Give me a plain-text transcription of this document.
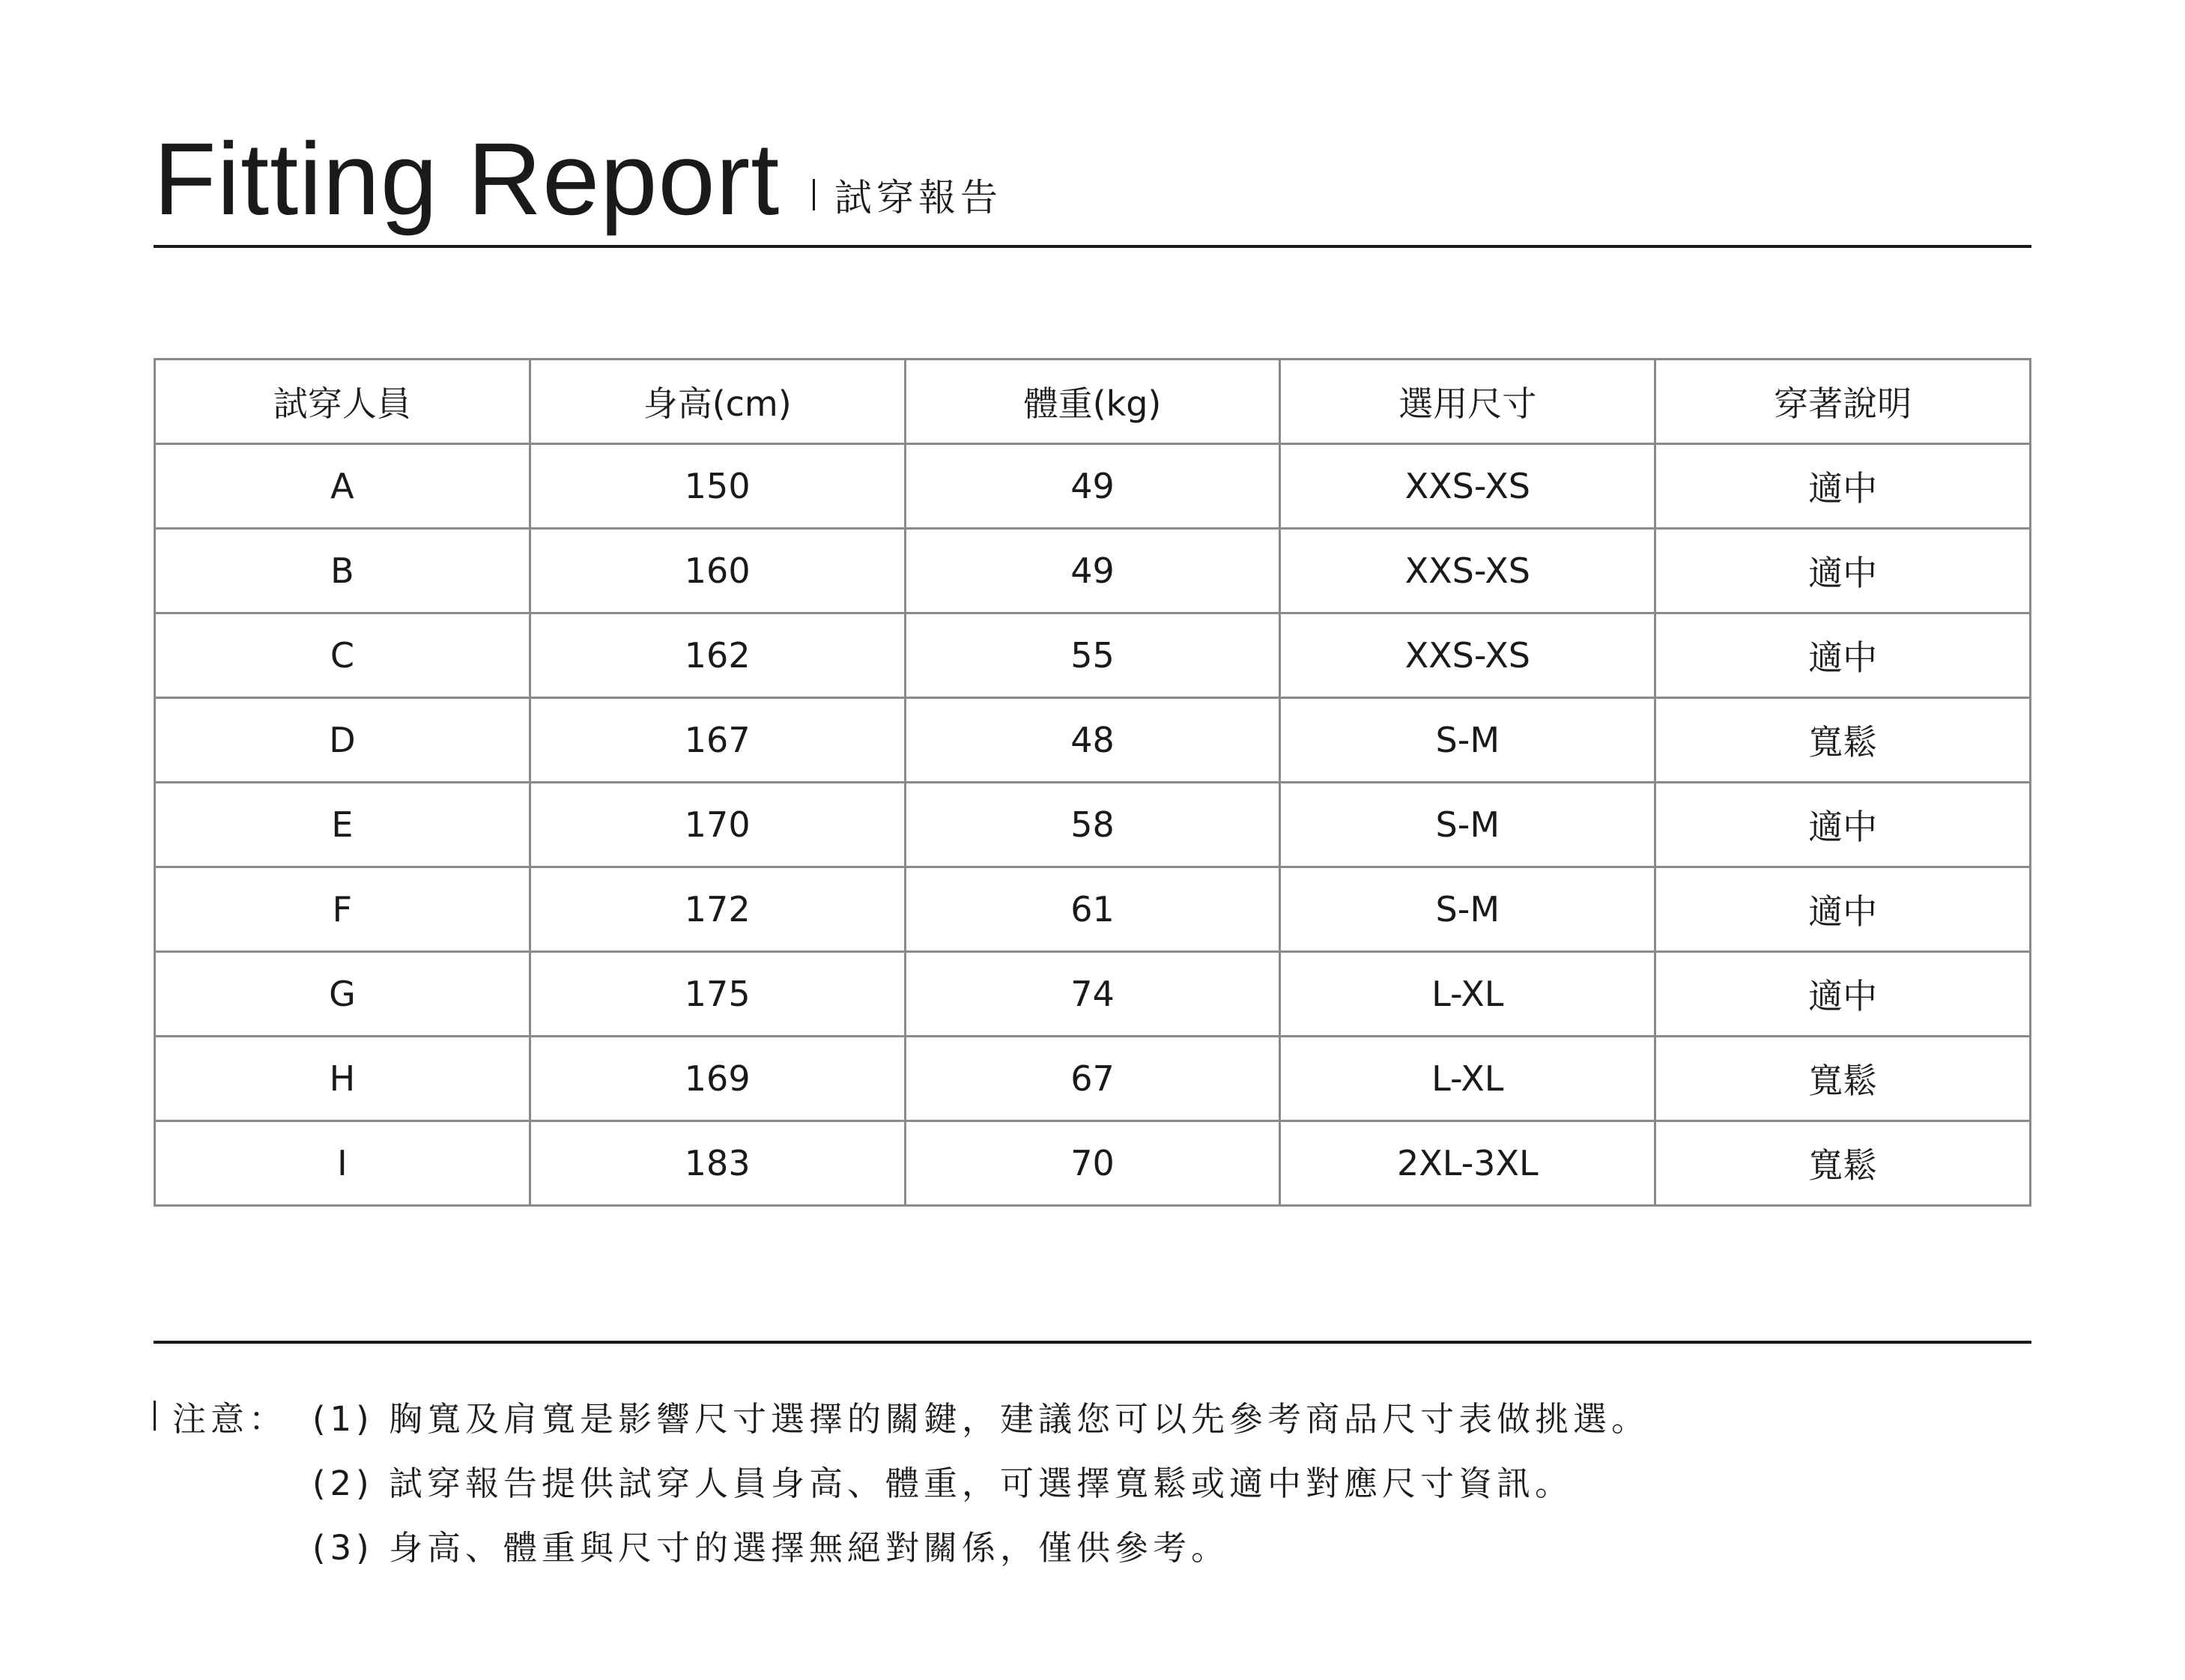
Fitting Report 試穿報告
試穿人員	身高(cm)	體重(kg)	選用尺寸	穿著說明
A	150	49	XXS-XS	適中
B	160	49	XXS-XS	適中
C	162	55	XXS-XS	適中
D	167	48	S-M	寬鬆
E	170	58	S-M	適中
F	172	61	S-M	適中
G	175	74	L-XL	適中
H	169	67	L-XL	寬鬆
I	183	70	2XL-3XL	寬鬆
注意： (1) 胸寬及肩寬是影響尺寸選擇的關鍵，建議您可以先參考商品尺寸表做挑選。
(2) 試穿報告提供試穿人員身高、體重，可選擇寬鬆或適中對應尺寸資訊。
(3) 身高、體重與尺寸的選擇無絕對關係，僅供參考。
